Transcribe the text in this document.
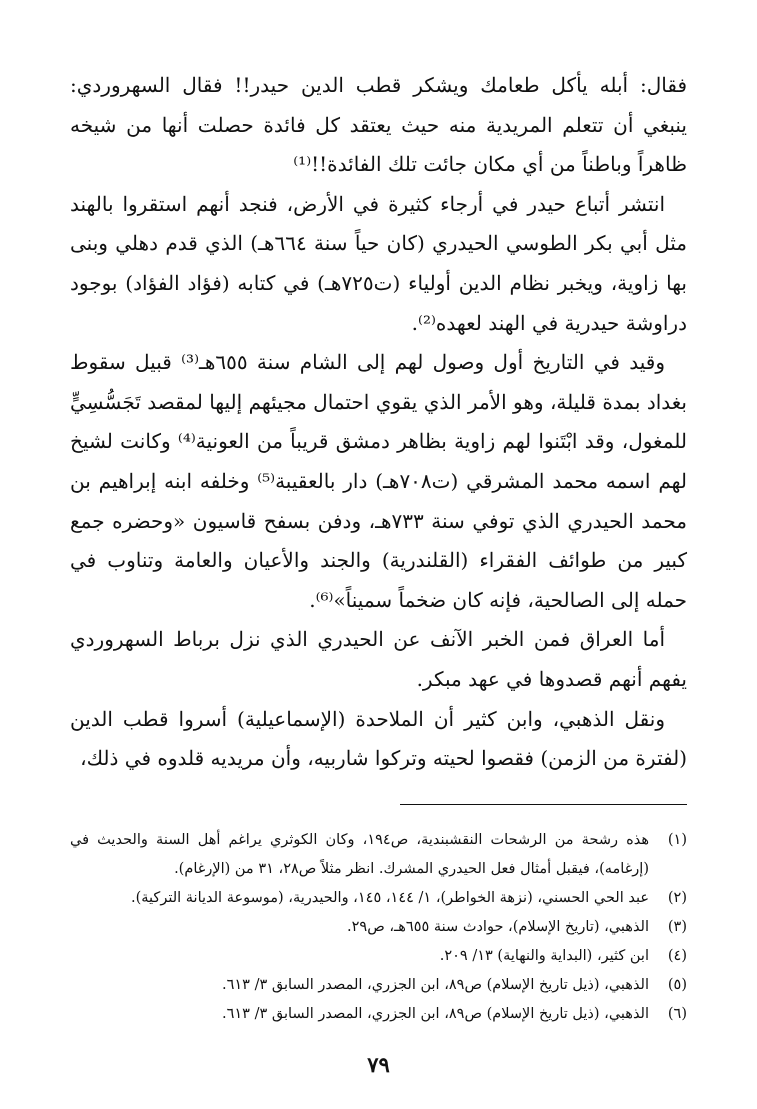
فقال: أبله يأكل طعامك ويشكر قطب الدين حيدر!! فقال السهروردي: ينبغي أن تتعلم المريدية منه حيث يعتقد كل فائدة حصلت أنها من شيخه ظاهراً وباطناً من أي مكان جائت تلك الفائدة!!⁽¹⁾

انتشر أتباع حيدر في أرجاء كثيرة في الأرض، فنجد أنهم استقروا بالهند مثل أبي بكر الطوسي الحيدري (كان حياً سنة ٦٦٤هـ) الذي قدم دهلي وبنى بها زاوية، ويخبر نظام الدين أولياء (ت٧٢٥هـ) في كتابه (فؤاد الفؤاد) بوجود دراوشة حيدرية في الهند لعهده⁽²⁾.

وقيد في التاريخ أول وصول لهم إلى الشام سنة ٦٥٥هـ⁽³⁾ قبيل سقوط بغداد بمدة قليلة، وهو الأمر الذي يقوي احتمال مجيئهم إليها لمقصد تَجَسُّسِيٍّ للمغول، وقد ابْتَنوا لهم زاوية بظاهر دمشق قريباً من العونية⁽⁴⁾ وكانت لشيخ لهم اسمه محمد المشرقي (ت٧٠٨هـ) دار بالعقيبة⁽⁵⁾ وخلفه ابنه إبراهيم بن محمد الحيدري الذي توفي سنة ٧٣٣هـ، ودفن بسفح قاسيون «وحضره جمع كبير من طوائف الفقراء (القلندرية) والجند والأعيان والعامة وتناوب في حمله إلى الصالحية، فإنه كان ضخماً سميناً»⁽⁶⁾.

أما العراق فمن الخبر الآنف عن الحيدري الذي نزل برباط السهروردي يفهم أنهم قصدوها في عهد مبكر.

ونقل الذهبي، وابن كثير أن الملاحدة (الإسماعيلية) أسروا قطب الدين (لفترة من الزمن) فقصوا لحيته وتركوا شاربيه، وأن مريديه قلدوه في ذلك،

(١)
هذه رشحة من الرشحات النقشبندية، ص١٩٤، وكان الكوثري يراغم أهل السنة والحديث في (إرغامه)، فيقبل أمثال فعل الحيدري المشرك. انظر مثلاً ص٢٨، ٣١ من (الإرغام).
(٢)
عبد الحي الحسني، (نزهة الخواطر)، ١/ ١٤٤، ١٤٥، والحيدرية، (موسوعة الديانة التركية).
(٣)
الذهبي، (تاريخ الإسلام)، حوادث سنة ٦٥٥هـ، ص٢٩.
(٤)
ابن كثير، (البداية والنهاية) ١٣/ ٢٠٩.
(٥)
الذهبي، (ذيل تاريخ الإسلام) ص٨٩، ابن الجزري، المصدر السابق ٣/ ٦١٣.
(٦)
الذهبي، (ذيل تاريخ الإسلام) ص٨٩، ابن الجزري، المصدر السابق ٣/ ٦١٣.
٧٩
